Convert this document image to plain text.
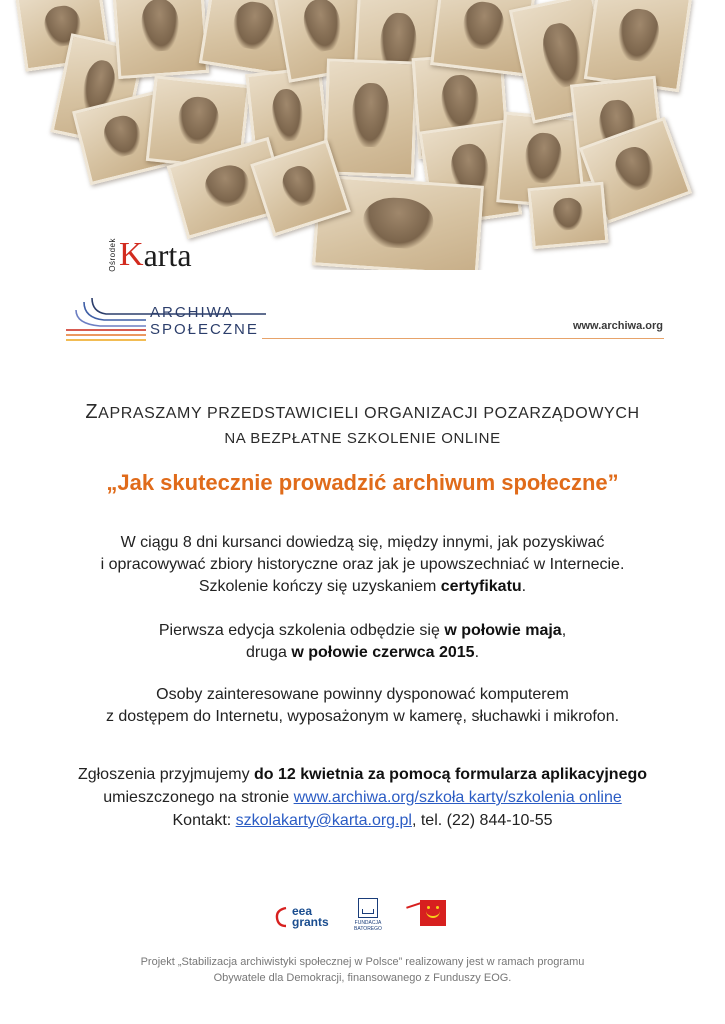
Ośrodek K arta
ARCHIWA
SPOŁECZNE	www.archiwa.org
ZAPRASZAMY PRZEDSTAWICIELI ORGANIZACJI POZARZĄDOWYCH
NA BEZPŁATNE SZKOLENIE ONLINE
„Jak skutecznie prowadzić archiwum społeczne”
W ciągu 8 dni kursanci dowiedzą się, między innymi, jak pozyskiwać
i opracowywać zbiory historyczne oraz jak je upowszechniać w Internecie.
Szkolenie kończy się uzyskaniem certyfikatu.
Pierwsza edycja szkolenia odbędzie się w połowie maja,
druga w połowie czerwca 2015.
Osoby zainteresowane powinny dysponować komputerem
z dostępem do Internetu, wyposażonym w kamerę, słuchawki i mikrofon.
Zgłoszenia przyjmujemy do 12 kwietnia za pomocą formularza aplikacyjnego
umieszczonego na stronie www.archiwa.org/szkoła karty/szkolenia online
Kontakt: szkolakarty@karta.org.pl, tel. (22) 844-10-55
eea
grants	FUNDACJA
BATOREGO
Projekt „Stabilizacja archiwistyki społecznej w Polsce” realizowany jest w ramach programu
Obywatele dla Demokracji, finansowanego z Funduszy EOG.
